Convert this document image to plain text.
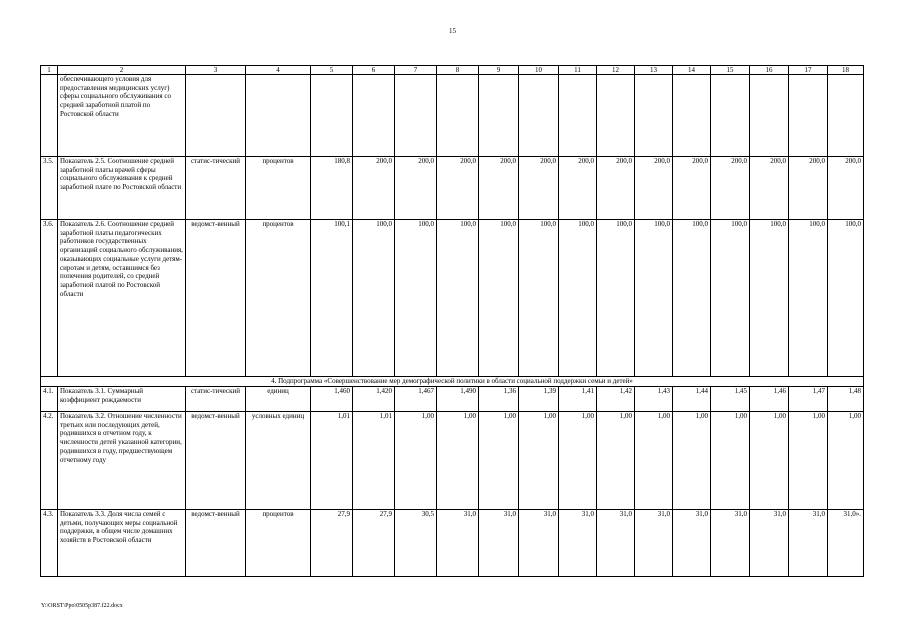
15
1	2	3	4	5	6	7	8	9	10	11	12	13	14	15	16	17	18
	обеспечивающего условия для предоставления медицинских услуг) сферы социального обслуживания со средней заработной платой по Ростовской области																
3.5.	Показатель 2.5. Соотношение средней заработной платы врачей сферы социального обслуживания к средней заработной плате по Ростовской области	статис-тический	процентов	180,8	200,0	200,0	200,0	200,0	200,0	200,0	200,0	200,0	200,0	200,0	200,0	200,0	200,0
3.6.	Показатель 2.6. Соотношение средней заработной платы педагогических работников государственных организаций социального обслуживания, оказывающих социальные услуги детям-сиротам и детям, оставшимся без попечения родителей, со средней заработной платой по Ростовской области	ведомст-венный	процентов	100,1	100,0	100,0	100,0	100,0	100,0	100,0	100,0	100,0	100,0	100,0	100,0	100,0	100,0
4. Подпрограмма «Совершенствование мер демографической политики в области социальной поддержки семьи и детей»																	
4.1.	Показатель 3.1. Суммарный коэффициент рождаемости	статис-тический	единиц	1,460	1,420	1,467	1,490	1,36	1,39	1,41	1,42	1,43	1,44	1,45	1,46	1,47	1,48
4.2.	Показатель 3.2. Отношение численности третьих или последующих детей, родившихся в отчетном году, к численности детей указанной категории, родившихся в году, предшествующем отчетному году	ведомст-венный	условных единиц	1,01	1,01	1,00	1,00	1,00	1,00	1,00	1,00	1,00	1,00	1,00	1,00	1,00	1,00
4.3.	Показатель 3.3. Доля числа семей с детьми, получающих меры социальной поддержки, в общем числе домашних хозяйств в Ростовской области	ведомст-венный	процентов	27,9	27,9	30,5	31,0	31,0	31,0	31,0	31,0	31,0	31,0	31,0	31,0	31,0	31,0».
Y:\ORST\Ppo\0505p387.f22.docx
